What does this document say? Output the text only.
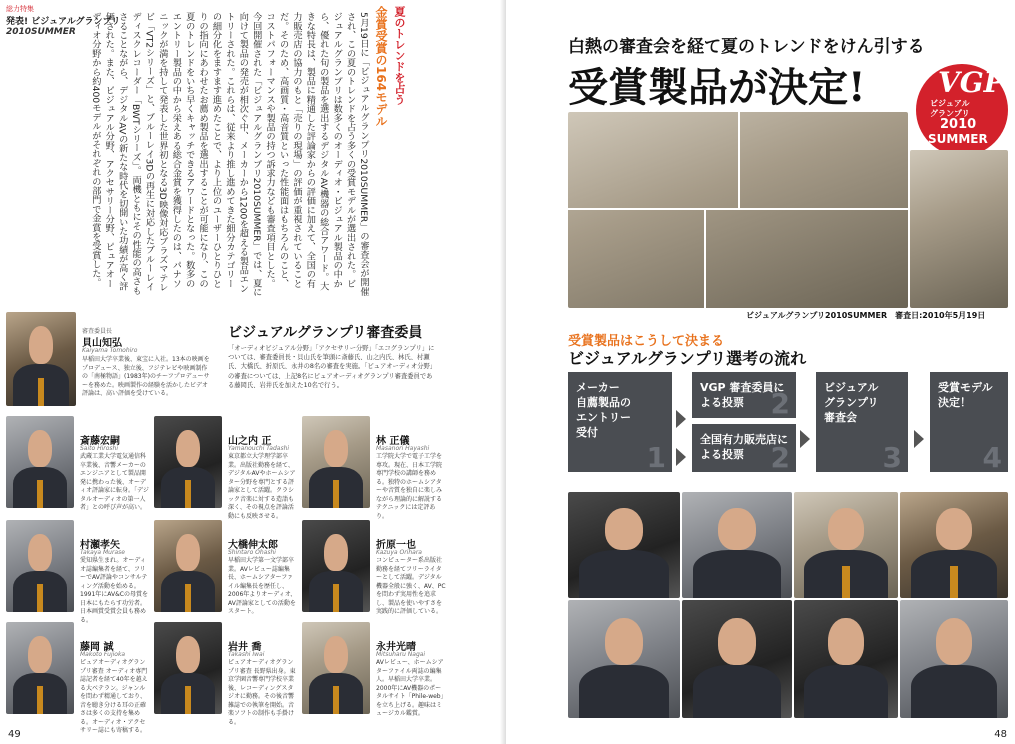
総力特集
発表! ビジュアルグランプリ
2010SUMMER	夏のトレンドを占う
金賞受賞の164モデル
5月19日に「ビジュアルグランプリ2010SUMMER」の審査会が開催され、この夏のトレンドを占う多くの受賞モデルが選出された。ビジュアルグランプリは数多くのオーディオ・ビジュアル製品の中から、優れた旬の製品を選出するデジタルAV機器の総合アワード。大きな特長は、製品に精通した評論家からの評価に加えて、全国の有力販売店の協力のもと「売りの現場」の評価が重視されていることだ。そのため、高画質・高音質といった性能面はもちろんのこと、コストパフォーマンスや製品の持つ訴求力なども審査項目とした。今回開催された「ビジュアルグランプリ2010SUMMER」では、夏に向けて製品の発売が相次ぐ中、メーカーから1200を超える製品エントリーされた。これらは、従来より推し進めてきた細分カテゴリーの細分化をますます進めたことで、より上位のユーザーひとりひとりの指向にあわせたお薦め製品を選出することが可能になり、この夏のトレンドをいち早くキャッチできるアワードとなった。数多のエントリー製品の中から栄えある総合金賞を獲得したのは、パナソニックが満を持して発表した世界初となる3D映像対応プラズマテレビ「VT2シリーズ」と、ブルーレイ3Dの再生に対応したブルーレイディスクレコーダー「BWTシリーズ」。両機ともにその性能の高さもさることながら、デジタルAVの新たな時代を切開いた功績が高く評価された。また、ビジュアル分野、アクセサリー分野、ピュアオーディオ分野から約400モデルがそれぞれの部門で金賞を受賞した。
審査委員長
貝山知弘
Kaiyama Tomohiro
早稲田大学卒業後、東宝に入社。13本の映画をプロデュース、独立後、フジテレビや映画制作の「南極物語」(1983年)のチーフプロデューサーを務めた。映画製作の経験を活かしたビデオ評論は、高い評価を受けている。
ビジュアルグランプリ審査委員
「オーディオビジュアル分野」「アクセサリー分野」「エコグランプリ」については、審査委員長・貝山氏を筆頭に斎藤氏、山之内氏、林氏、村瀬氏、大橋氏、折原氏、永井の8名の審査を実施。「ピュアオーディオ分野」の審査については、上記8名にピュアオーディオグランプリ審査委員である藤岡氏、岩井氏を加えた10名で行う。
斎藤宏嗣
Saito Hiroshi
武蔵工業大学電気通信科卒業後、音響メーカーのエンジニアとして製品開発に携わった後、オーディオ評論家に転身。「デジタルオーディオの第一人者」との呼び声が高い。
山之内 正
Yamanouchi Tadashi
東京都立大学理学部卒業。出版社勤務を経て、デジタルAVやホームシアター分野を専門とする評論家として活躍。クラシック音楽に対する造詣も深く、その視点を評論活動にも反映させる。
林 正儀
Masanori Hayashi
工学院大学で電子工学を専攻。現在、日本工学院専門学校の講師を務める。独特のホームシアターや音質を独自に楽しみながら理論的に解説するテクニックには定評あり。
村瀬孝矢
Takaya Murase
愛知県生まれ。オーディオ誌編集者を経て、フリーでAV評論やコンサルティング活動を始める。1991年にAV&Cの母賞を日本にもたらす功労者。日本画賞受賞会員も務める。
大橋伸太郎
Shintaro Ohashi
早稲田大学第一文学部卒業。AVレビュー誌編集長、ホームシアターファイル編集長を歴任し、2006年よりオーディオ、AV評論家としての活動をスタート。
折原一也
Kazuya Orihara
コンピューター系出版社勤務を経てフリーライターとして活躍。デジタル機器全般に強く、AV、PCを問わず実用性を追求し、製品を使いやすさを実践的に評価している。
藤岡 誠
Makoto Fujioka
ピュアオーディオグランプリ審査 オーディオ専門誌記者を経て40年を越える大ベテラン。ジャンルを問わず精通しており、音を聴き分ける耳の正確さは多くの支持を集める。オーディオ・アクセサリー誌にも寄稿する。
岩井 喬
Takashi Iwai
ピュアオーディオグランプリ審査 長野県出身。東京学園音響専門学校卒業後、レコーディングスタジオに勤務。その後音響雑誌での執筆を開始。音楽ソフトの制作も手掛ける。
永井光晴
Mitsuharu Nagai
AVレビュー、ホームシアターファイル両誌の編集人。早稲田大学卒業。2000年にAV機器のポータルサイト「Phile-web」を立ち上げる。趣味はミュージカル鑑賞。
49
白熱の審査会を経て夏のトレンドをけん引する
受賞製品が決定!	VGP
ビジュアル
グランプリ
2010
SUMMER
ビジュアルグランプリ2010SUMMER　審査日:2010年5月19日
受賞製品はこうして決まる
ビジュアルグランプリ選考の流れ
メーカー
自薦製品の
エントリー
受付
1
VGP 審査委員に
よる投票 2
全国有力販売店に
よる投票 2
ビジュアル
グランプリ
審査会
3
受賞モデル
決定！
4
48
